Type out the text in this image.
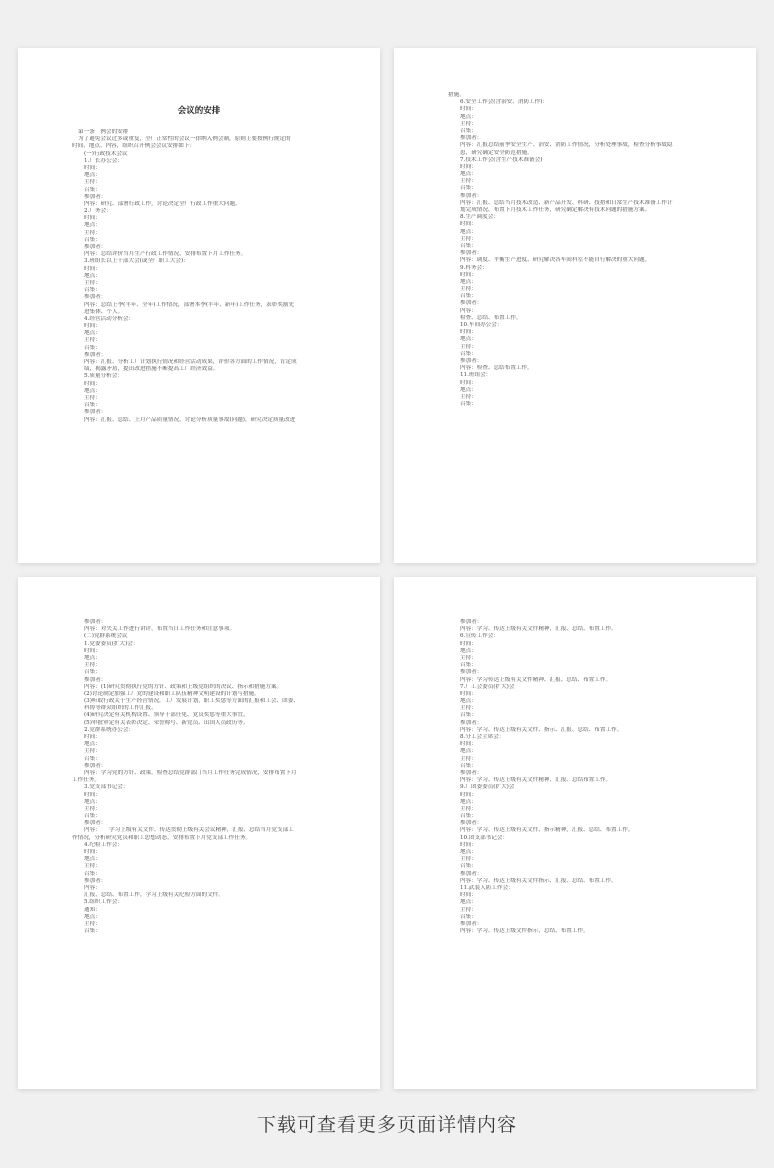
会议的安排
第一条　例会的安排
为了避免会议过多或重复，全厂正常性的会议一律纳入例会制，原则上要按例行规定的
时间、地点、内容，组织召开例会会议安排如下：
(一)行政技术会议
1.厂长办公会：
时间：
地点：
主持：
召集：
参加者：
内容：研究、部署行政工作，讨论决定全厂行政工作重大问题。
2.厂务会：
时间：
地点：
主持：
召集：
参加者：
内容：总结评价当月生产行政工作情况，安排布置下月工作任务。
3.班组长以上干部大会(或全厂职工大会)：
时间：
地点：
主持：
召集：
参加者：
内容：总结上季(半年、全年)工作情况，部署本季(半年、新年)工作任务，表彰奖励先
进集体、个人。
4.经营活动分析会：
时间：
地点：
主持：
召集：
参加者：
内容：汇报、分析工厂计划执行情况和经营活动成果，评价各方面的工作情况，肯定成
绩，揭露矛盾，提出改进措施不断提高工厂经济效益。
5.质量分析会：
时间：
地点：
主持：
召集：
参加者：
内容：汇报、总结、上月产品质量情况，讨论分析质量事故(问题)，研究决定质量改进
措施。
6.安全工作会(含治安、消防工作)：
时间：
地点：
主持：
召集：
参加者：
内容：汇报总结前季安全生产、治安、消防工作情况，分析处理事故，检查分析事故隐
患，研究确定安全防范措施。
7.技术工作会(含生产技术准备会)
时间：
地点：
主持：
召集：
参加者：
内容：汇报、总结当月技术改造、新产品开发、科研、技措和日常生产技术准备工作计
划完成情况，布置下月技术工作任务，研究确定解决有技术问题的措施方案。
8.生产调度会：
时间：
地点：
主持：
召集：
参加者：
内容：调度、平衡生产进度、研究解决各车间科室不能自行解决的重大问题。
9.科务会：
时间：
地点：
主持：
召集：
参加者：
内容：
检查、总结、布置工作。
10.车间办公会：
时间：
地点：
主持：
召集：
参加者：
内容：检查、总结布置工作。
11.班组会：
时间：
地点：
主持：
召集：
参加者：
内容：对失关工作进行讲评，布置当日工作任务和注意事项。
(二)党群系统会议
1.党委委员(扩大)会：
时间：
地点：
主持：
召集：
参加者：
内容：(1)研究贯彻执行党的方针、政策和上级党组织的决议、指示和措施方案。
(2)讨论制定加强工厂党的建设和职工队伍精神文明建设的计划与措施。
(3)听取行政关于生产经营情况，工厂发展计划，职工奖惩等方面的汇报和工会、团委、
科协等群众组织的工作汇报。
(4)研究决定有关机构设置、领导干部任免、党员奖惩等重大事宜。
(5)审批审定有关表彰决定、荣誉称号、新党员、出国人员政历等。
2.党群系统办公会：
时间：
地点：
主持：
召集：
参加者：
内容：学习党的方针、政策，检查总结党群部门当月工作任务完成情况，安排布置下月
工作任务。
3.党支部书记会：
时间：
地点：
主持：
召集：
参加者：
内容：　　学习上级有关文件、传达贯彻上级有关会议精神，汇报、总结当月党支部工
作情况，分析研究党员和职工思想动态，安排布置下月党支部工作任务。
4.纪检工作会：
时间：
地点：
主持：
召集：
参加者：
内容：
汇报、总结、布置工作，学习上级有关纪检方面的文件。
5.组织工作会：
通知：
地点：
主持：
召集：
参加者：
内容：学习、传达上级有关文件精神，汇报、总结、布置工作。
6.宣传工作会：
时间：
地点：
主持：
召集：
参加者：
内容：学习传达上级有关文件精神、汇报、总结、布置工作。
7.厂工会委员(扩大)会
时间：
地点：
主持：
召集：
参加者：
内容：学习、传达上级有关文件、指示、汇报、总结、布置工作。
8.分工会主席会：
时间：
地点：
主持：
召集：
参加者：
内容：学习、传达上级有关文件精神、汇报、总结布置工作。
9.厂团委委员(扩大)会
时间：
地点：
主持：
召集：
参加者：
内容：学习、传达上级有关文件、指示精神，汇报、总结、布置工作。
10.团支部书记会：
时间：
地点：
主持：
召集：
参加者：
内容：学习、传达上级有关文件指示、汇报、总结、布置工作。
11.武装人防工作会：
时间：
地点：
主持：
召集：
参加者：
内容：学习、传达上级文件指示，总结、布置工作。
下载可查看更多页面详情内容
